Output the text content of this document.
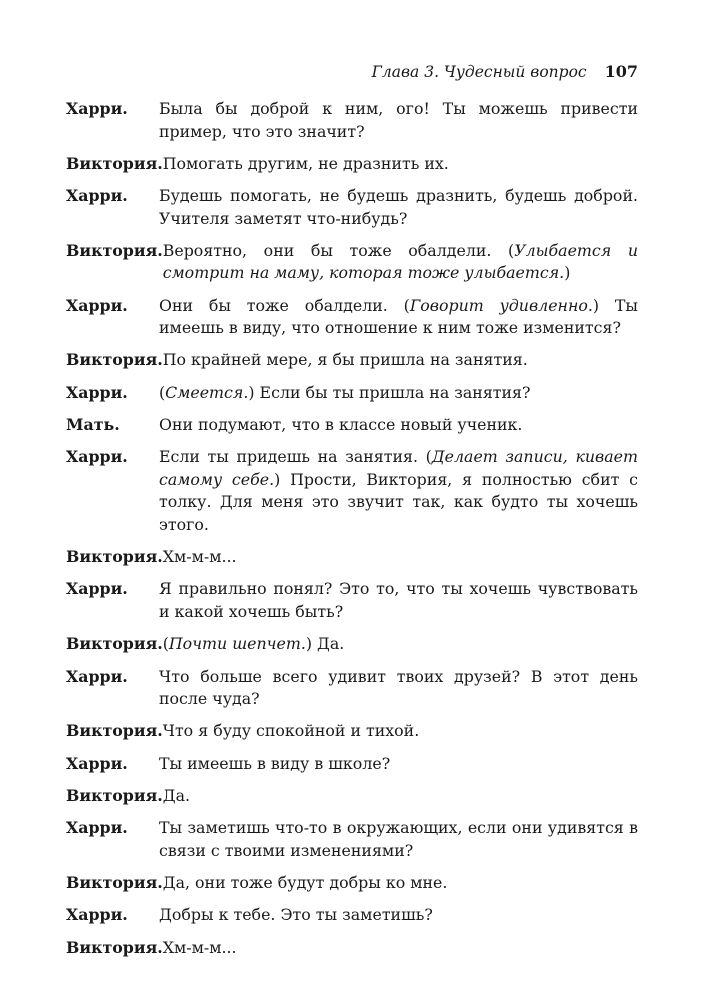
Глава 3. Чудесный вопрос 107
Харри.	Была бы доброй к ним, ого! Ты можешь привести пример, что это значит?
Виктория. Помогать другим, не дразнить их.
Харри.	Будешь помогать, не будешь дразнить, будешь доброй. Учителя заметят что-нибудь?
Виктория. Вероятно, они бы тоже обалдели. (Улыбается и смотрит на маму, которая тоже улыбается.)
Харри.	Они бы тоже обалдели. (Говорит удивленно.) Ты имеешь в виду, что отношение к ним тоже изменится?
Виктория. По крайней мере, я бы пришла на занятия.
Харри.	(Смеется.) Если бы ты пришла на занятия?
Мать.	Они подумают, что в классе новый ученик.
Харри.	Если ты придешь на занятия. (Делает записи, кивает самому себе.) Прости, Виктория, я полностью сбит с толку. Для меня это звучит так, как будто ты хочешь этого.
Виктория. Хм-м-м...
Харри.	Я правильно понял? Это то, что ты хочешь чувствовать и какой хочешь быть?
Виктория. (Почти шепчет.) Да.
Харри.	Что больше всего удивит твоих друзей? В этот день после чуда?
Виктория. Что я буду спокойной и тихой.
Харри.	Ты имеешь в виду в школе?
Виктория. Да.
Харри.	Ты заметишь что-то в окружающих, если они удивятся в связи с твоими изменениями?
Виктория. Да, они тоже будут добры ко мне.
Харри.	Добры к тебе. Это ты заметишь?
Виктория. Хм-м-м...
